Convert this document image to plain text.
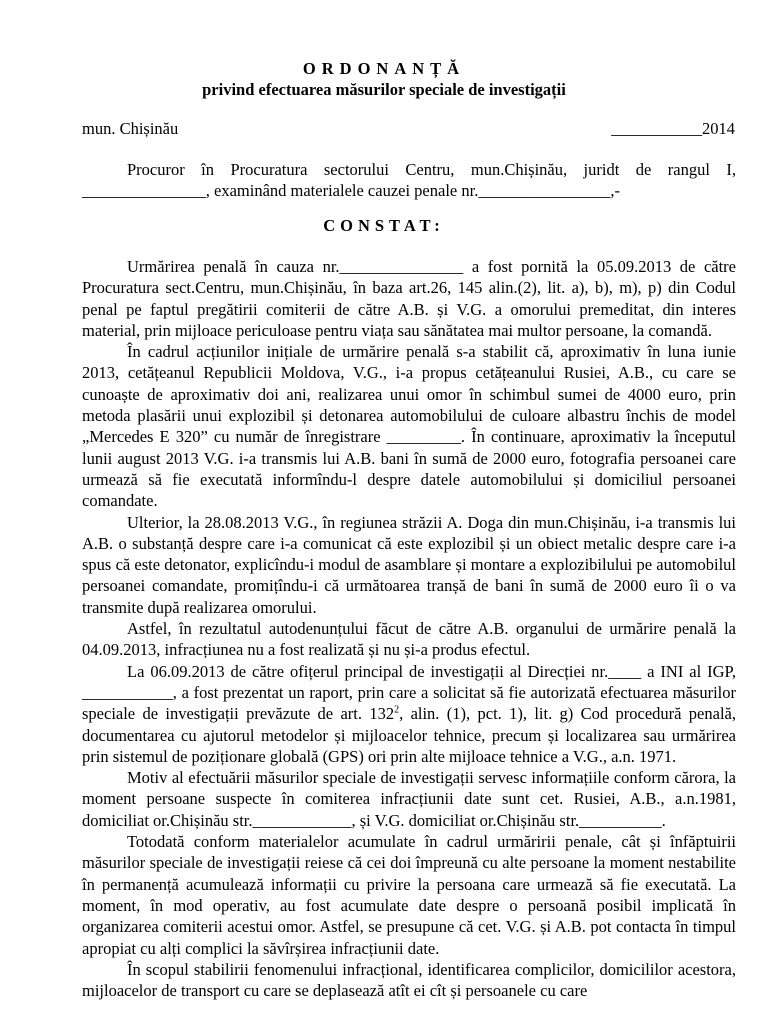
ORDONANȚĂ
privind efectuarea măsurilor speciale de investigații
mun. Chișinău	___________2014

Procuror în Procuratura sectorului Centru, mun.Chișinău, juridt de rangul I, _______________, examinând materialele cauzei penale nr.________________,-

CONSTAT:

Urmărirea penală în cauza nr._______________ a fost pornită la 05.09.2013 de către Procuratura sect.Centru, mun.Chișinău, în baza art.26, 145 alin.(2), lit. a), b), m), p) din Codul penal pe faptul pregătirii comiterii de către A.B. și V.G. a omorului premeditat, din interes material, prin mijloace periculoase pentru viața sau sănătatea mai multor persoane, la comandă.

În cadrul acțiunilor inițiale de urmărire penală s-a stabilit că, aproximativ în luna iunie 2013, cetățeanul Republicii Moldova, V.G., i-a propus cetățeanului Rusiei, A.B., cu care se cunoaște de aproximativ doi ani, realizarea unui omor în schimbul sumei de 4000 euro, prin metoda plasării unui explozibil și detonarea automobilului de culoare albastru închis de model „Mercedes E 320” cu număr de înregistrare _________. În continuare, aproximativ la începutul lunii august 2013 V.G. i-a transmis lui A.B. bani în sumă de 2000 euro, fotografia persoanei care urmează să fie executată informîndu-l despre datele automobilului și domiciliul persoanei comandate.

Ulterior, la 28.08.2013 V.G., în regiunea străzii A. Doga din mun.Chișinău, i-a transmis lui A.B. o substanță despre care i-a comunicat că este explozibil și un obiect metalic despre care i-a spus că este detonator, explicîndu-i modul de asamblare și montare a explozibilului pe automobilul persoanei comandate, promițîndu-i că următoarea tranșă de bani în sumă de 2000 euro îi o va transmite după realizarea omorului.

Astfel, în rezultatul autodenunțului făcut de către A.B. organului de urmărire penală la 04.09.2013, infracțiunea nu a fost realizată și nu și-a produs efectul.

La 06.09.2013 de către ofițerul principal de investigații al Direcției nr.____ a INI al IGP, ___________, a fost prezentat un raport, prin care a solicitat să fie autorizată efectuarea măsurilor speciale de investigații prevăzute de art. $132^2$, alin. (1), pct. 1), lit. g) Cod procedură penală, documentarea cu ajutorul metodelor și mijloacelor tehnice, precum și localizarea sau urmărirea prin sistemul de poziționare globală (GPS) ori prin alte mijloace tehnice a V.G., a.n. 1971.

Motiv al efectuării măsurilor speciale de investigații servesc informațiile conform cărora, la moment persoane suspecte în comiterea infracțiunii date sunt cet. Rusiei, A.B., a.n.1981, domiciliat or.Chișinău str.____________, și V.G. domiciliat or.Chișinău str.__________.

Totodată conform materialelor acumulate în cadrul urmăririi penale, cât și înfăptuirii măsurilor speciale de investigații reiese că cei doi împreună cu alte persoane la moment nestabilite în permanență acumulează informații cu privire la persoana care urmează să fie executată. La moment, în mod operativ, au fost acumulate date despre o persoană posibil implicată în organizarea comiterii acestui omor. Astfel, se presupune că cet. V.G. și A.B. pot contacta în timpul apropiat cu alți complici la săvîrșirea infracțiunii date.

În scopul stabilirii fenomenului infracțional, identificarea complicilor, domicililor acestora, mijloacelor de transport cu care se deplasează atît ei cît și persoanele cu care
